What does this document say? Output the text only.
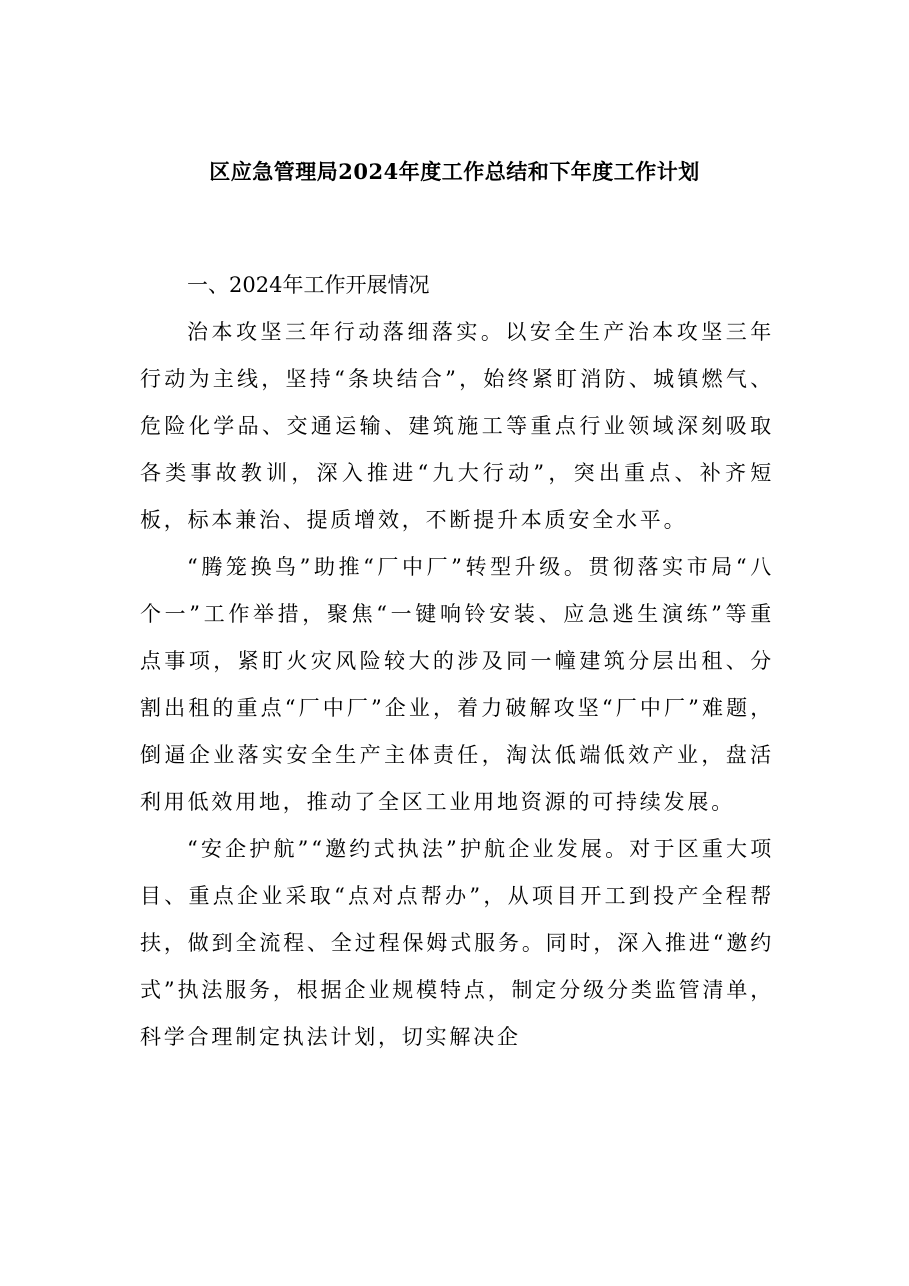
区应急管理局2024年度工作总结和下年度工作计划

一、2024年工作开展情况

治本攻坚三年行动落细落实。以安全生产治本攻坚三年行动为主线，坚持“条块结合”，始终紧盯消防、城镇燃气、危险化学品、交通运输、建筑施工等重点行业领域深刻吸取各类事故教训，深入推进“九大行动”，突出重点、补齐短板，标本兼治、提质增效，不断提升本质安全水平。

“腾笼换鸟”助推“厂中厂”转型升级。贯彻落实市局“八个一”工作举措，聚焦“一键响铃安装、应急逃生演练”等重点事项，紧盯火灾风险较大的涉及同一幢建筑分层出租、分割出租的重点“厂中厂”企业，着力破解攻坚“厂中厂”难题，倒逼企业落实安全生产主体责任，淘汰低端低效产业，盘活利用低效用地，推动了全区工业用地资源的可持续发展。

“安企护航”“邀约式执法”护航企业发展。对于区重大项目、重点企业采取“点对点帮办”，从项目开工到投产全程帮扶，做到全流程、全过程保姆式服务。同时，深入推进“邀约式”执法服务，根据企业规模特点，制定分级分类监管清单，科学合理制定执法计划，切实解决企
